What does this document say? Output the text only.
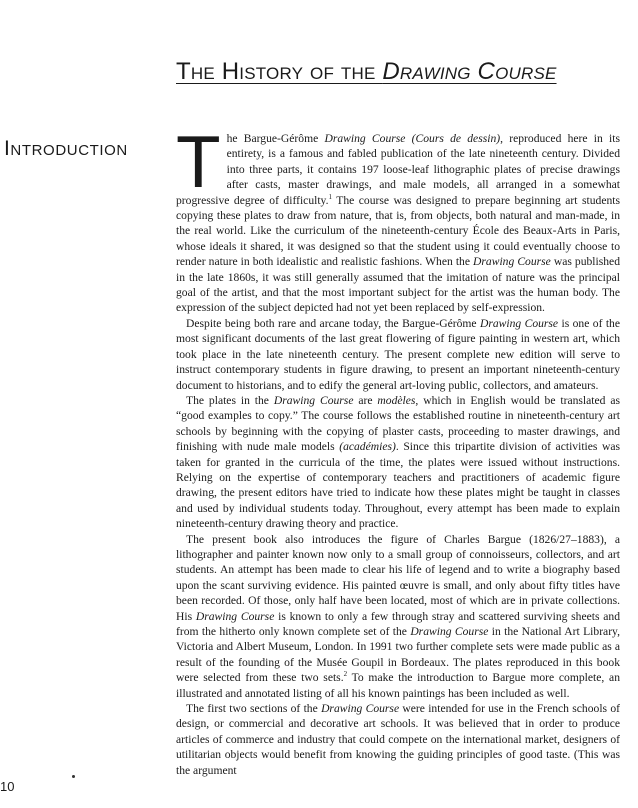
The History of the Drawing Course
Introduction The Bargue-Gérôme Drawing Course (Cours de dessin), reproduced here in its entirety, is a famous and fabled publication of the late nineteenth century. Divided into three parts, it contains 197 loose-leaf lithographic plates of precise drawings after casts, master drawings, and male models, all arranged in a somewhat progressive degree of difficulty.$^1$ The course was designed to prepare beginning art students copying these plates to draw from nature, that is, from objects, both natural and man-made, in the real world. Like the curriculum of the nineteenth-century École des Beaux-Arts in Paris, whose ideals it shared, it was designed so that the student using it could eventually choose to render nature in both idealistic and realistic fashions. When the Drawing Course was published in the late 1860s, it was still generally assumed that the imitation of nature was the principal goal of the artist, and that the most important subject for the artist was the human body. The expression of the subject depicted had not yet been replaced by self-expression.

Despite being both rare and arcane today, the Bargue-Gérôme Drawing Course is one of the most significant documents of the last great flowering of figure painting in western art, which took place in the late nineteenth century. The present complete new edition will serve to instruct contemporary students in figure drawing, to present an important nineteenth-century document to historians, and to edify the general art-loving public, collectors, and amateurs.

The plates in the Drawing Course are modèles, which in English would be translated as “good examples to copy.” The course follows the established routine in nineteenth-century art schools by beginning with the copying of plaster casts, proceeding to master drawings, and finishing with nude male models (académies). Since this tripartite division of activities was taken for granted in the curricula of the time, the plates were issued without instructions. Relying on the expertise of contemporary teachers and practitioners of academic figure drawing, the present editors have tried to indicate how these plates might be taught in classes and used by individual students today. Throughout, every attempt has been made to explain nineteenth-century drawing theory and practice.

The present book also introduces the figure of Charles Bargue (1826/27–1883), a lithographer and painter known now only to a small group of connoisseurs, collectors, and art students. An attempt has been made to clear his life of legend and to write a biography based upon the scant surviving evidence. His painted œuvre is small, and only about fifty titles have been recorded. Of those, only half have been located, most of which are in private collections. His Drawing Course is known to only a few through stray and scattered surviving sheets and from the hitherto only known complete set of the Drawing Course in the National Art Library, Victoria and Albert Museum, London. In 1991 two further complete sets were made public as a result of the founding of the Musée Goupil in Bordeaux. The plates reproduced in this book were selected from these two sets.$^2$ To make the introduction to Bargue more complete, an illustrated and annotated listing of all his known paintings has been included as well.

The first two sections of the Drawing Course were intended for use in the French schools of design, or commercial and decorative art schools. It was believed that in order to produce articles of commerce and industry that could compete on the international market, designers of utilitarian objects would benefit from knowing the guiding principles of good taste. (This was the argument

10
